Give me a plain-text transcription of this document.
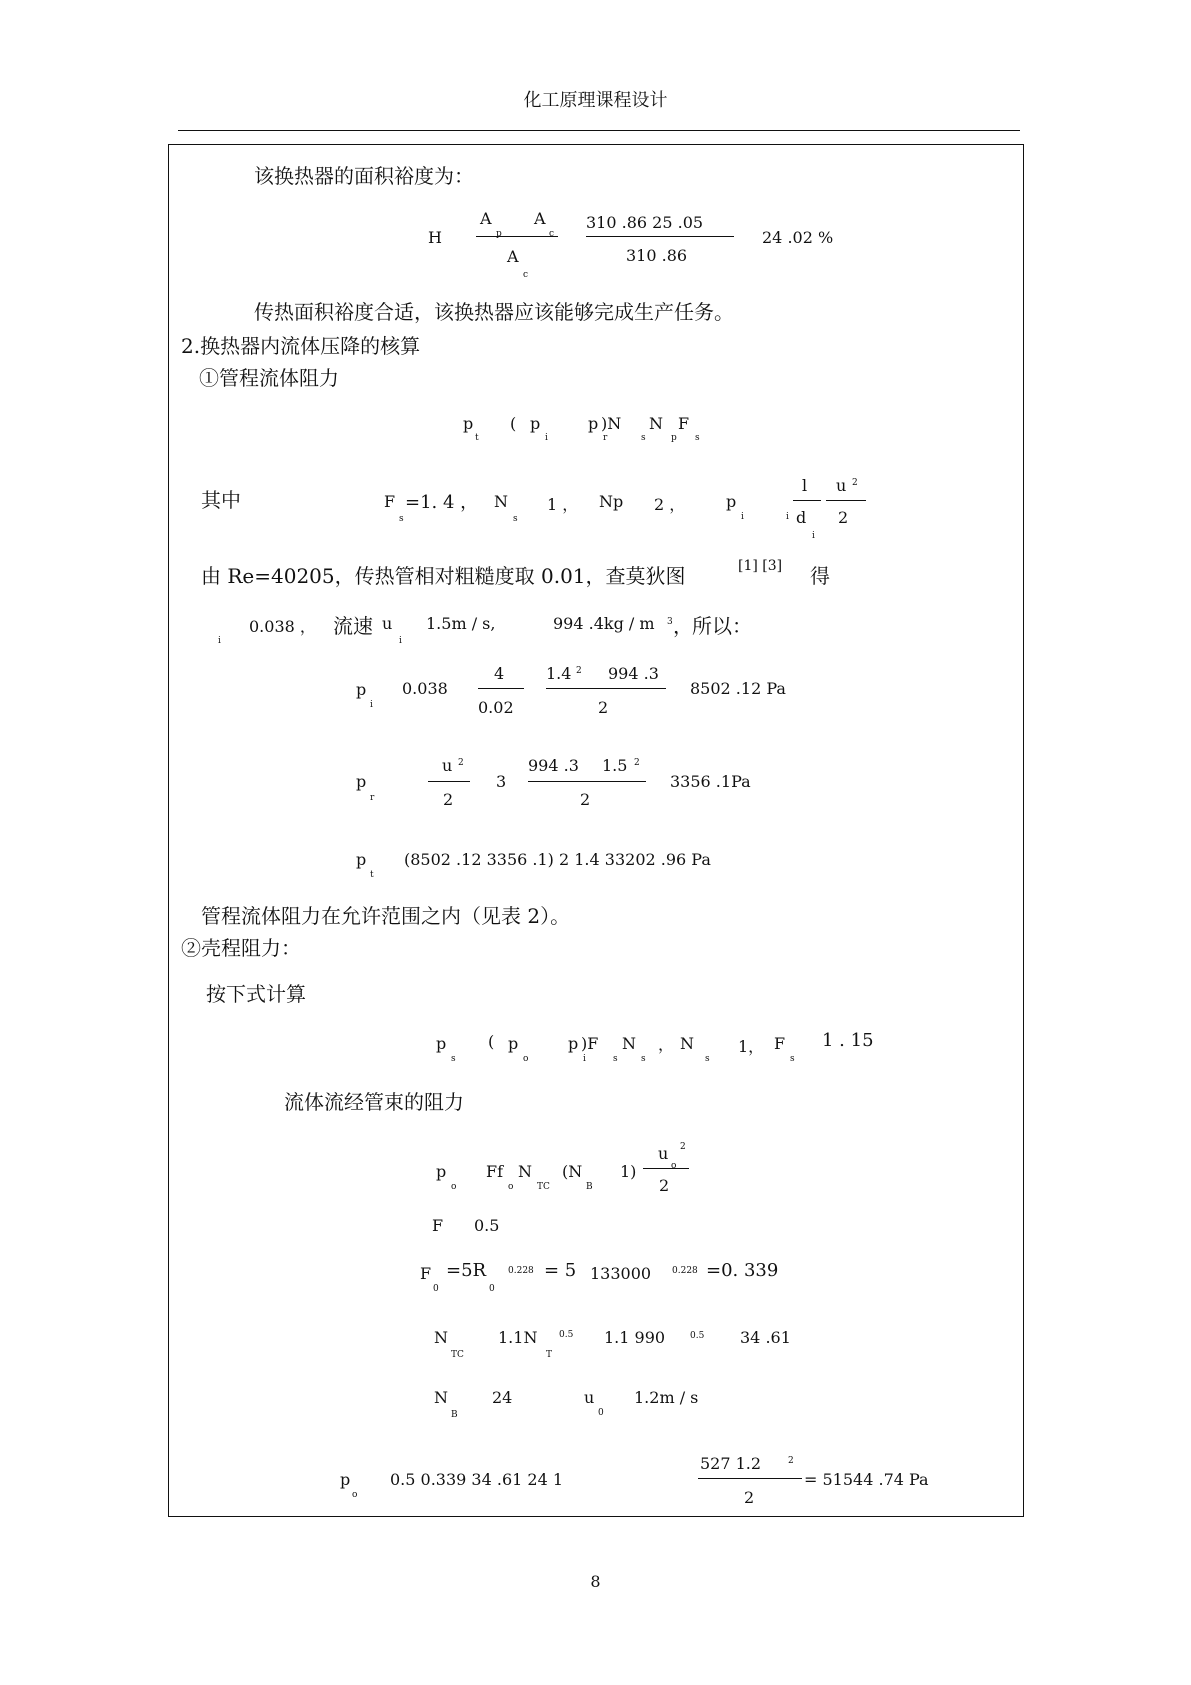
化工原理课程设计
该换热器的面积裕度为：
H
A
p
A
c
A
c
310 .86 25 .05
310 .86
24 .02 %
传热面积裕度合适，该换热器应该能够完成生产任务。
2.换热器内流体压降的核算
①管程流体阻力
p
t
( p
i
p
r
)N
s
N
p
F
s
其中	F
s
=1. 4 ， N
s
1 ， Np 2 ，	p
i	i
l
d
i
u 2
2
由 Re=40205，传热管相对粗糙度取 0.01，查莫狄图	[1] [3] 得
i
0.038 ， 流速 u
i
1.5m / s,	994 .4kg / m 3 ， 所以：
p
i
0.038
4
0.02
1.4 2 994 .3
2
8502 .12 Pa
p
r
u 2
2
3
994 .3 1.5 2
2
3356 .1Pa
p
t
(8502 .12 3356 .1) 2 1.4 33202 .96 Pa
管程流体阻力在允许范围之内（见表 2）。
②壳程阻力：
按下式计算
p
s
( p
o
p
i
)F
s
N
s
， N
s
1， F
s
1 . 15
流体流经管束的阻力
p
o
Ff
o
N
TC
(N
B
1)
u 2
o
2
F 0.5
F
0
=5R
0
0.228 = 5 133000 0.228 =0. 339
N
TC
1.1N
T
0.5 1.1 990	0.5 34 .61
N
B
24	u
0
1.2m / s
p
o
0.5 0.339 34 .61 24 1
527 1.2	2
2
= 51544 .74 Pa
8
